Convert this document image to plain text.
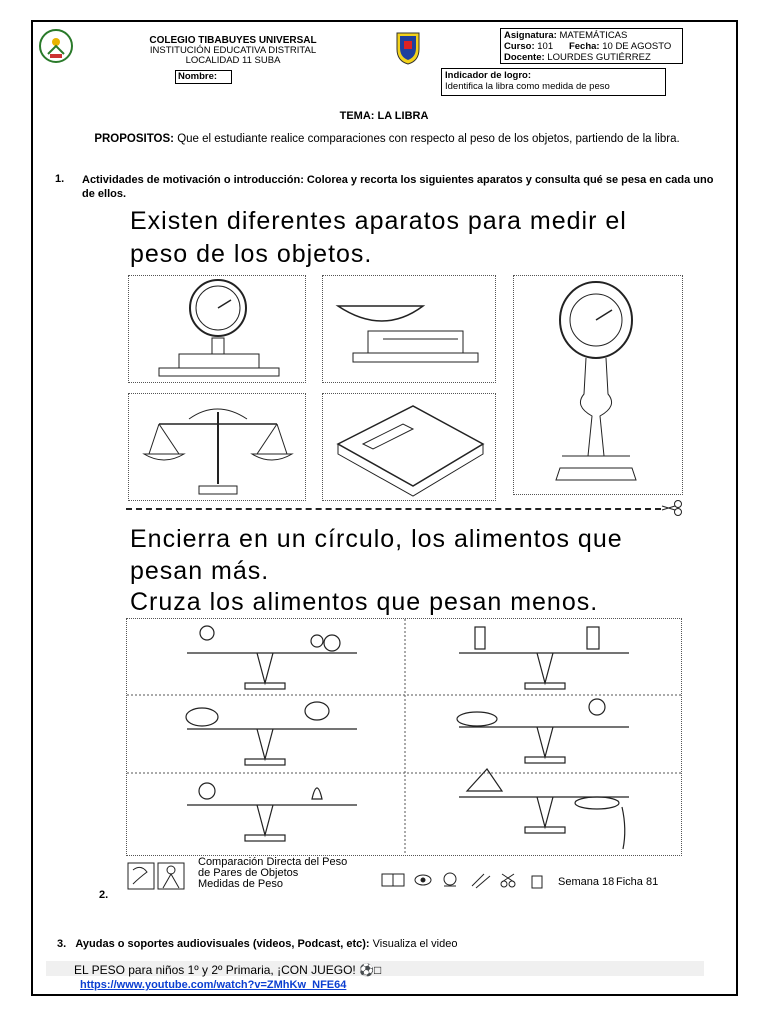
COLEGIO TIBABUYES UNIVERSAL
INSTITUCIÓN EDUCATIVA DISTRITAL
LOCALIDAD 11 SUBA
Asignatura: MATEMÁTICAS
Curso: 101 Fecha: 10 DE AGOSTO
Docente: LOURDES GUTIÉRREZ
Nombre:	Indicador de logro:
Identifica la libra como medida de peso
TEMA: LA LIBRA
PROPOSITOS: Que el estudiante realice comparaciones con respecto al peso de los objetos, partiendo de la libra.
1. Actividades de motivación o introducción: Colorea y recorta los siguientes aparatos y consulta qué se pesa en cada uno de ellos.
Existen diferentes aparatos para medir el
peso de los objetos.
Encierra en un círculo, los alimentos que
pesan más.
Cruza los alimentos que pesan menos.
Comparación Directa del Peso
de Pares de Objetos
Medidas de Peso	Semana 18 Ficha 81
2.
3. Ayudas o soportes audiovisuales (videos, Podcast, etc): Visualiza el video
EL PESO para niños 1º y 2º Primaria, ¡CON JUEGO! ⚽□
https://www.youtube.com/watch?v=ZMhKw_NFE64
